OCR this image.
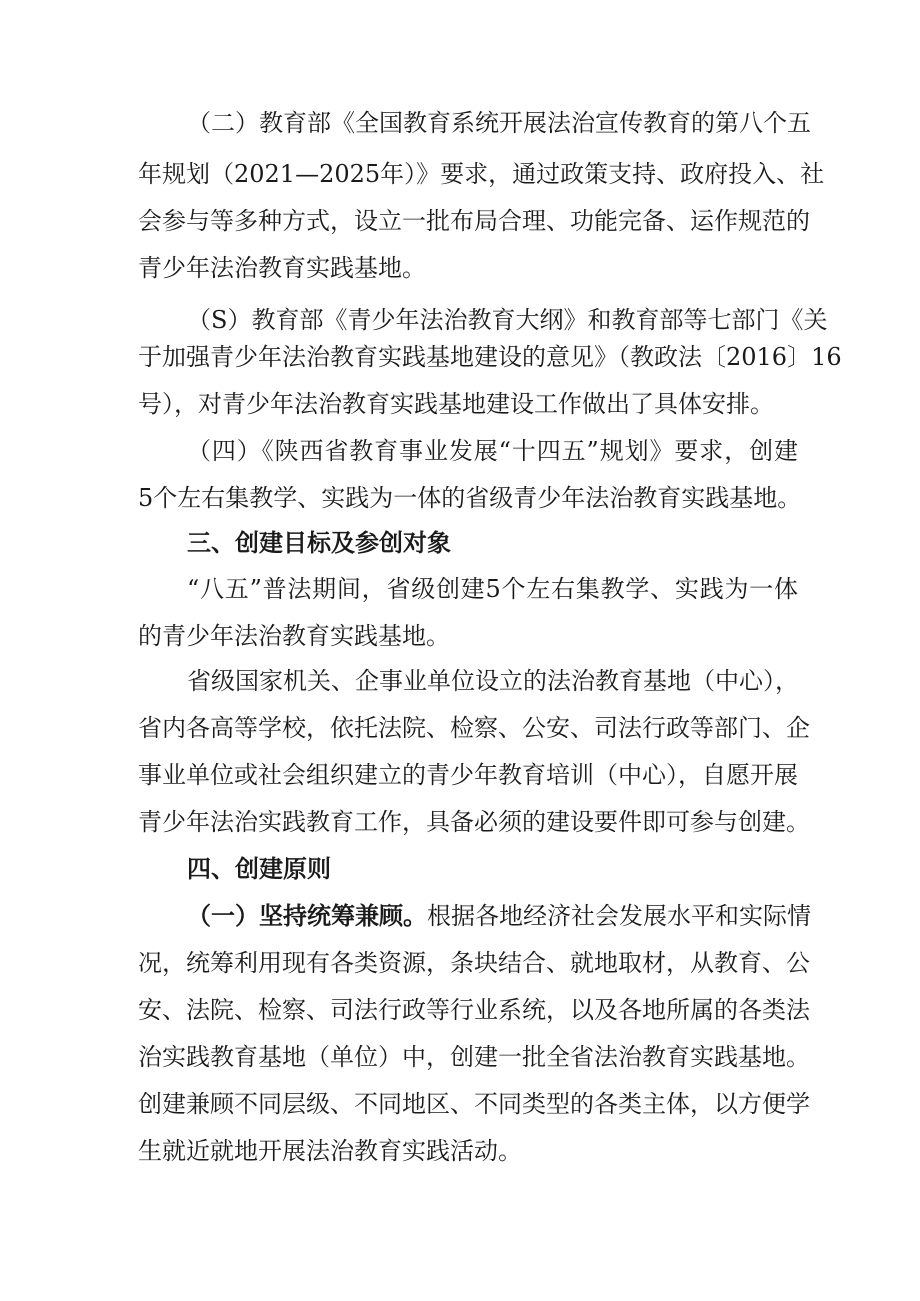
（二）教育部《全国教育系统开展法治宣传教育的第八个五
年规划（2021—2025年）》要求，通过政策支持、政府投入、社
会参与等多种方式，设立一批布局合理、功能完备、运作规范的
青少年法治教育实践基地。
（S）教育部《青少年法治教育大纲》和教育部等七部门《关
于加强青少年法治教育实践基地建设的意见》（教政法〔2016〕16
号），对青少年法治教育实践基地建设工作做出了具体安排。
（四）《陕西省教育事业发展“十四五”规划》要求，创建
5个左右集教学、实践为一体的省级青少年法治教育实践基地。
三、创建目标及参创对象
“八五”普法期间，省级创建5个左右集教学、实践为一体
的青少年法治教育实践基地。
省级国家机关、企事业单位设立的法治教育基地（中心），
省内各高等学校，依托法院、检察、公安、司法行政等部门、企
事业单位或社会组织建立的青少年教育培训（中心），自愿开展
青少年法治实践教育工作，具备必须的建设要件即可参与创建。
四、创建原则
（一）坚持统筹兼顾。根据各地经济社会发展水平和实际情
况，统筹利用现有各类资源，条块结合、就地取材，从教育、公
安、法院、检察、司法行政等行业系统，以及各地所属的各类法
治实践教育基地（单位）中，创建一批全省法治教育实践基地。
创建兼顾不同层级、不同地区、不同类型的各类主体，以方便学
生就近就地开展法治教育实践活动。
